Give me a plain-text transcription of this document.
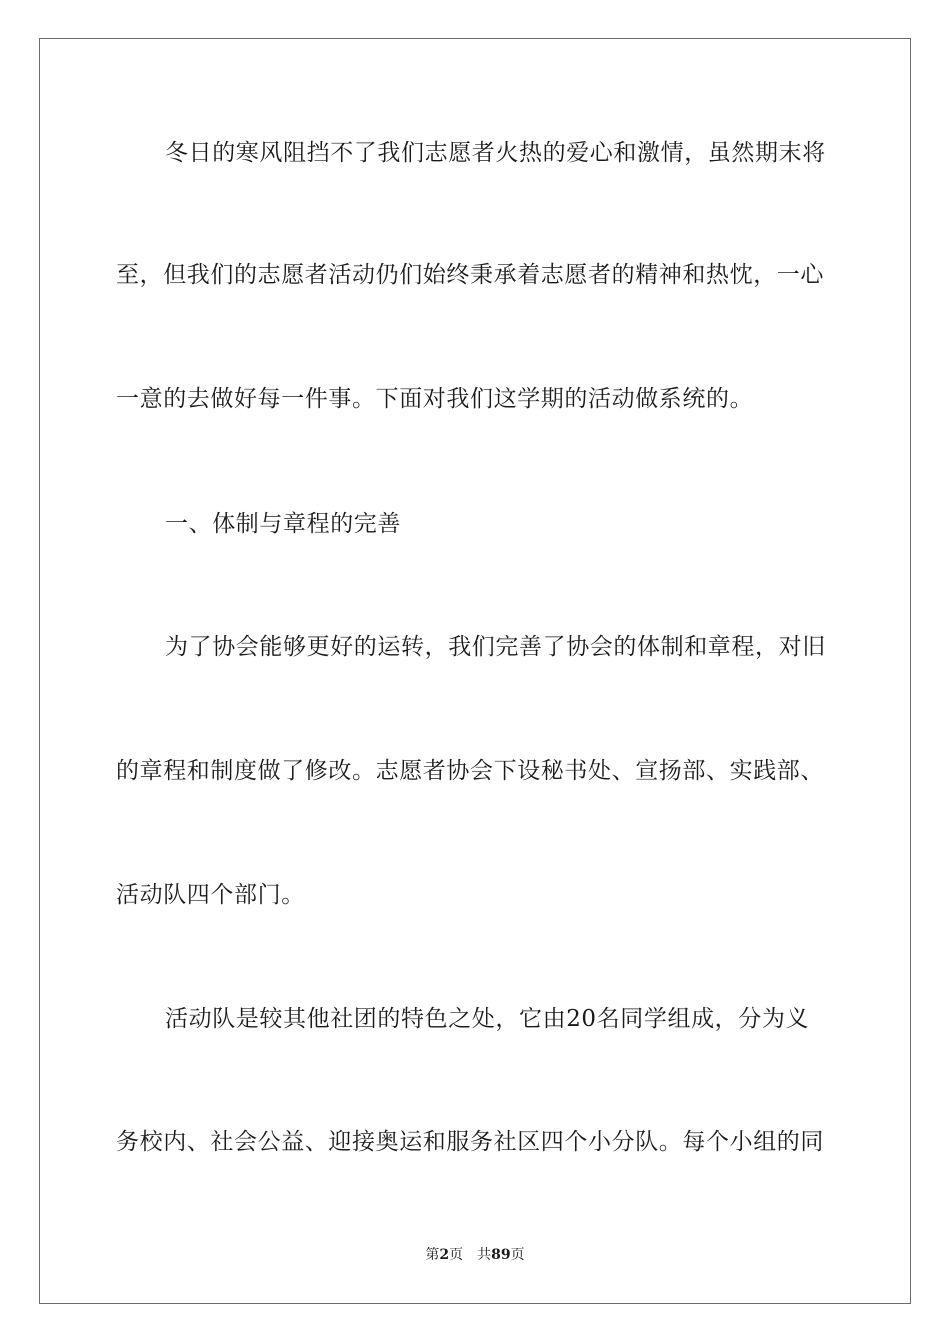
冬日的寒风阻挡不了我们志愿者火热的爱心和激情，虽然期末将
至，但我们的志愿者活动仍们始终秉承着志愿者的精神和热忱，一心
一意的去做好每一件事。下面对我们这学期的活动做系统的。
一、体制与章程的完善
为了协会能够更好的运转，我们完善了协会的体制和章程，对旧
的章程和制度做了修改。志愿者协会下设秘书处、宣扬部、实践部、
活动队四个部门。
活动队是较其他社团的特色之处，它由20名同学组成，分为义
务校内、社会公益、迎接奥运和服务社区四个小分队。每个小组的同
第2页 共89页
